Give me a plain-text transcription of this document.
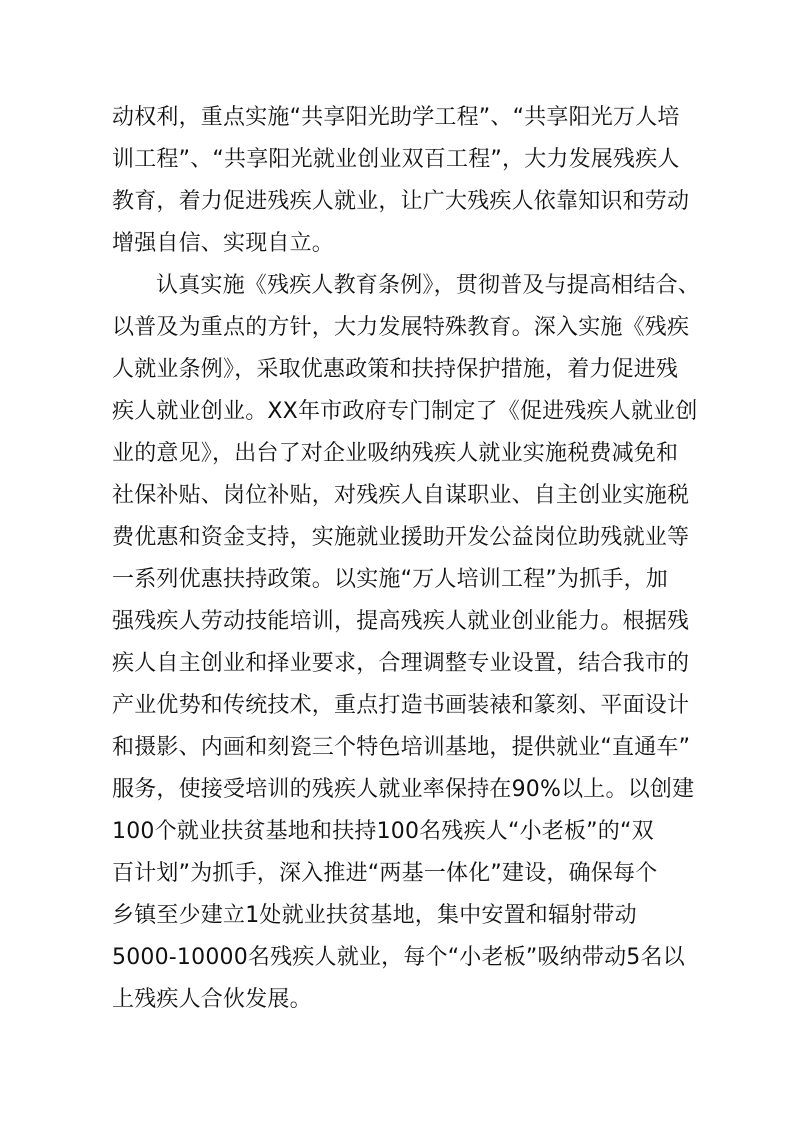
动权利，重点实施“共享阳光助学工程”、“共享阳光万人培
训工程”、“共享阳光就业创业双百工程”，大力发展残疾人
教育，着力促进残疾人就业，让广大残疾人依靠知识和劳动
增强自信、实现自立。
认真实施《残疾人教育条例》，贯彻普及与提高相结合、
以普及为重点的方针，大力发展特殊教育。深入实施《残疾
人就业条例》，采取优惠政策和扶持保护措施，着力促进残
疾人就业创业。XX年市政府专门制定了《促进残疾人就业创
业的意见》，出台了对企业吸纳残疾人就业实施税费减免和
社保补贴、岗位补贴，对残疾人自谋职业、自主创业实施税
费优惠和资金支持，实施就业援助开发公益岗位助残就业等
一系列优惠扶持政策。以实施“万人培训工程”为抓手，加
强残疾人劳动技能培训，提高残疾人就业创业能力。根据残
疾人自主创业和择业要求，合理调整专业设置，结合我市的
产业优势和传统技术，重点打造书画装裱和篆刻、平面设计
和摄影、内画和刻瓷三个特色培训基地，提供就业“直通车”
服务，使接受培训的残疾人就业率保持在90%以上。以创建
100个就业扶贫基地和扶持100名残疾人“小老板”的“双
百计划”为抓手，深入推进“两基一体化”建设，确保每个
乡镇至少建立1处就业扶贫基地，集中安置和辐射带动
5000-10000名残疾人就业，每个“小老板”吸纳带动5名以
上残疾人合伙发展。
